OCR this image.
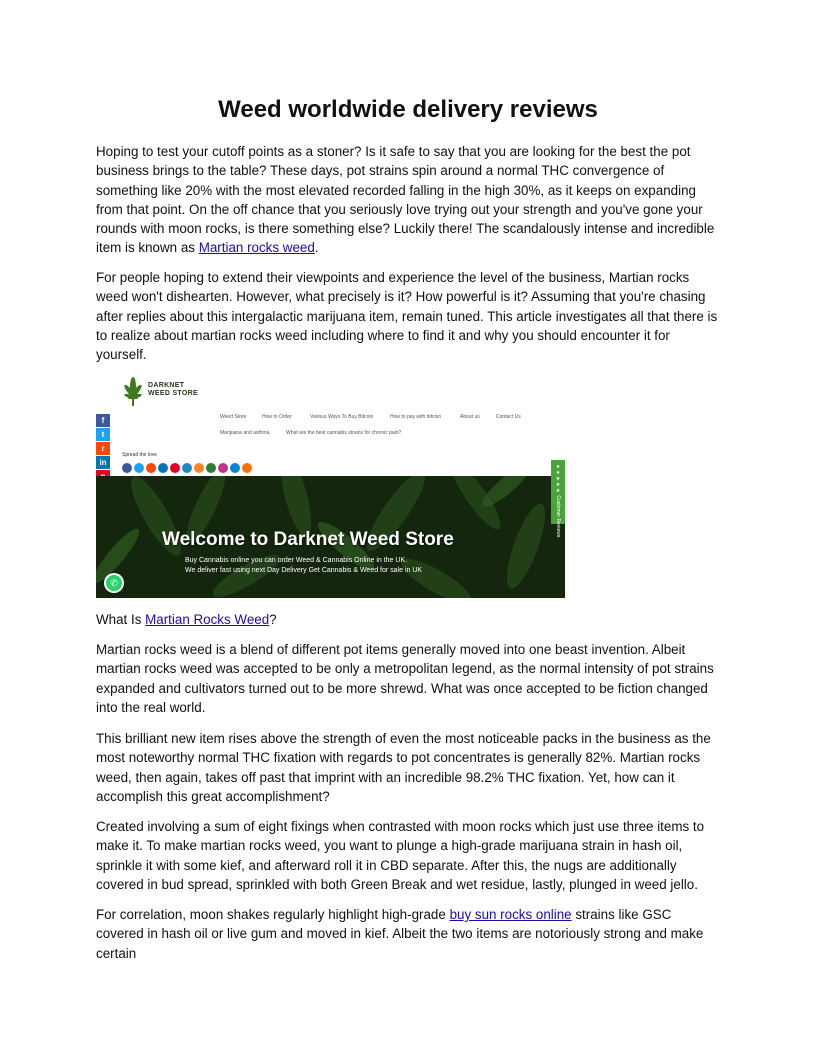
Weed worldwide delivery reviews

Hoping to test your cutoff points as a stoner? Is it safe to say that you are looking for the best the pot business brings to the table? These days, pot strains spin around a normal THC convergence of something like 20% with the most elevated recorded falling in the high 30%, as it keeps on expanding from that point. On the off chance that you seriously love trying out your strength and you've gone your rounds with moon rocks, is there something else? Luckily there! The scandalously intense and incredible item is known as Martian rocks weed.

For people hoping to extend their viewpoints and experience the level of the business, Martian rocks weed won't dishearten. However, what precisely is it? How powerful is it? Assuming that you're chasing after replies about this intergalactic marijuana item, remain tuned. This article investigates all that there is to realize about martian rocks weed including where to find it and why you should encounter it for yourself.

DARKNET
WEED STORE
Weed Store	How to Order	Various Ways To Buy Bitcoin	How to pay with bitcoin	About us	Contact Us
Marijuana and asthma	What are the best cannabis strains for chronic pain?
f
t
r
in
Spread the love
Welcome to Darknet Weed Store
Buy Cannabis online you can order Weed & Cannabis Online in the UK.
We deliver fast using next Day Delivery Get Cannabis & Weed for sale in UK
✆
★★★★★ Customer Reviews

What Is Martian Rocks Weed?

Martian rocks weed is a blend of different pot items generally moved into one beast invention. Albeit martian rocks weed was accepted to be only a metropolitan legend, as the normal intensity of pot strains expanded and cultivators turned out to be more shrewd. What was once accepted to be fiction changed into the real world.

This brilliant new item rises above the strength of even the most noticeable packs in the business as the most noteworthy normal THC fixation with regards to pot concentrates is generally 82%. Martian rocks weed, then again, takes off past that imprint with an incredible 98.2% THC fixation. Yet, how can it accomplish this great accomplishment?

Created involving a sum of eight fixings when contrasted with moon rocks which just use three items to make it. To make martian rocks weed, you want to plunge a high-grade marijuana strain in hash oil, sprinkle it with some kief, and afterward roll it in CBD separate. After this, the nugs are additionally covered in bud spread, sprinkled with both Green Break and wet residue, lastly, plunged in weed jello.

For correlation, moon shakes regularly highlight high-grade buy sun rocks online strains like GSC covered in hash oil or live gum and moved in kief. Albeit the two items are notoriously strong and make certain
